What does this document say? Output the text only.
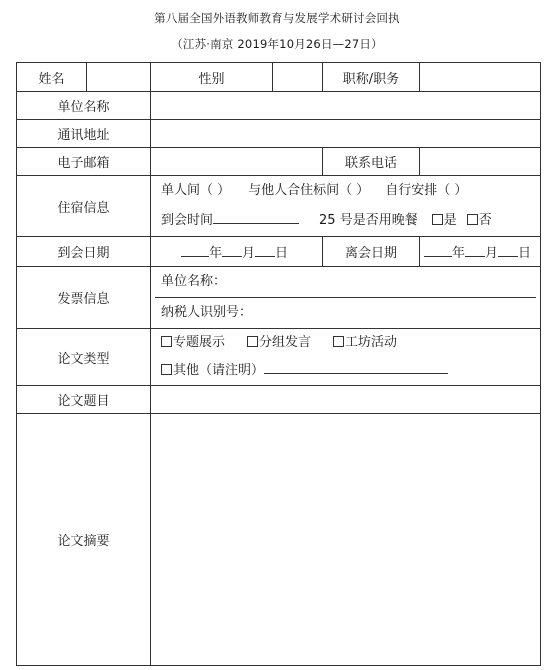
第八届全国外语教师教育与发展学术研讨会回执
（江苏·南京 2019年10月26日—27日）
姓名		性别		职称/职务	
单位名称					
通讯地址					
电子邮箱				联系电话	
住宿信息		单人间（ ） 与他人合住标间（ ） 自行安排（ ）
到会时间 25 号是否用晚餐 是 否			

到会日期		年 月 日		离会日期	年 月 日
发票信息		单位名称：
纳税人识别号：			

论文类型		专题展示 分组发言 工坊活动
其他（请注明）			

论文题目					
论文摘要					
